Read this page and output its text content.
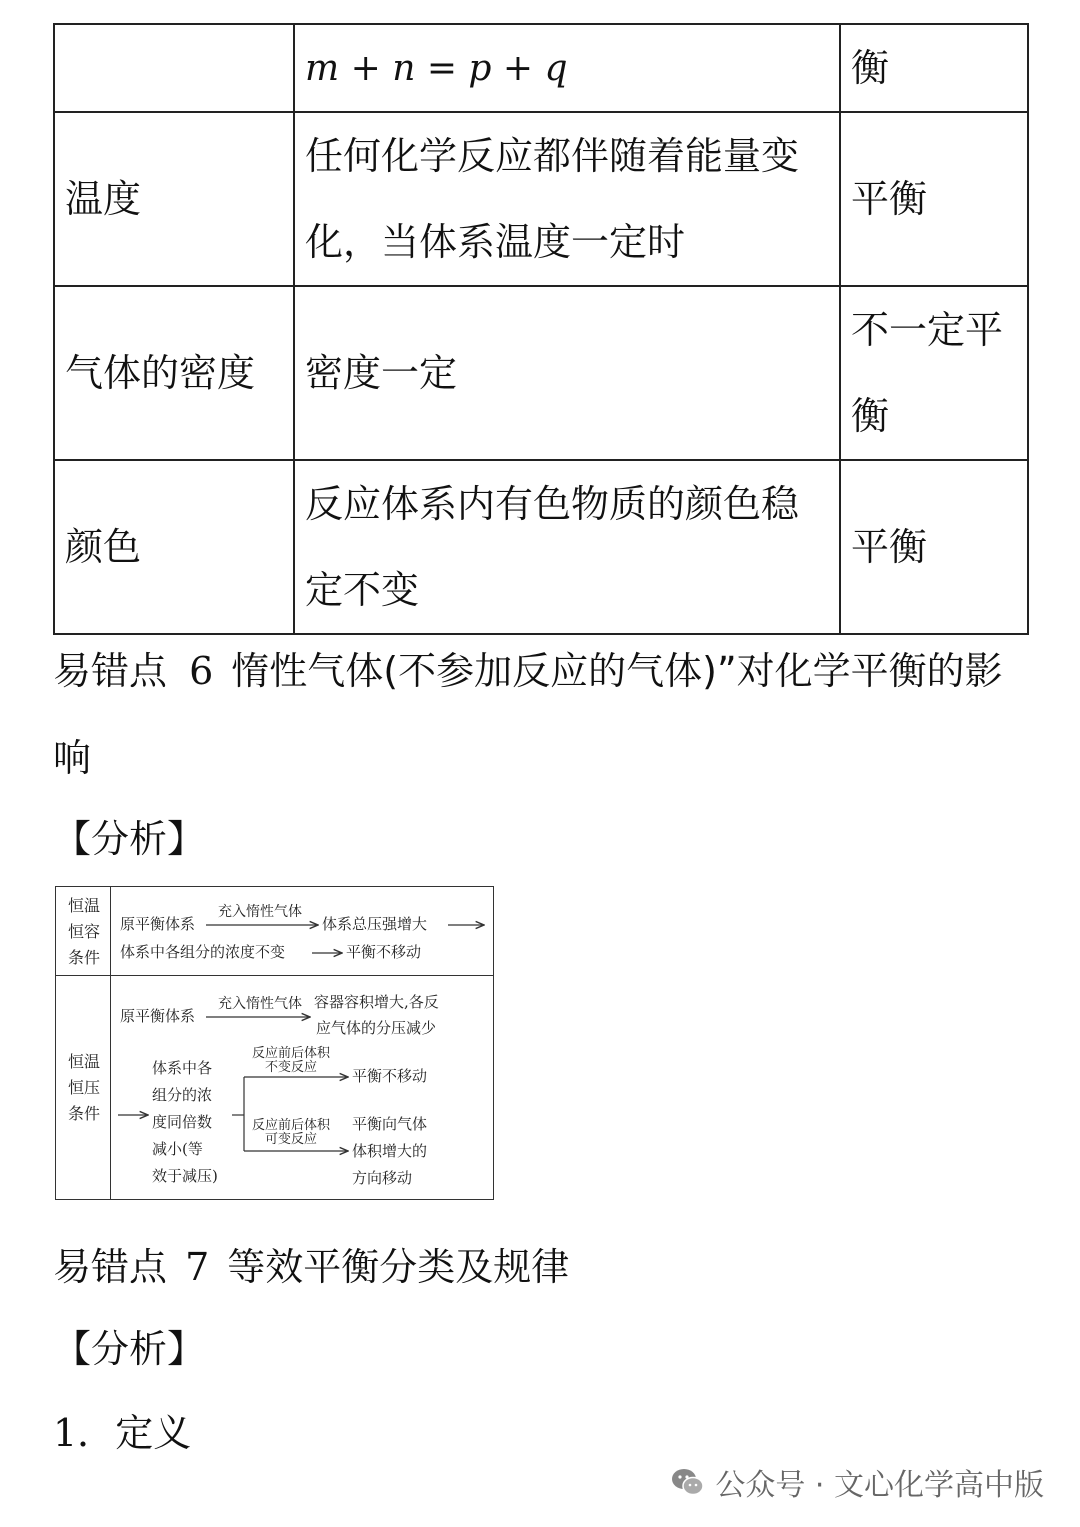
	m + n = p + q	衡
温度	任何化学反应都伴随着能量变
化，当体系温度一定时	平衡
气体的密度	密度一定	不一定平
衡

颜色	反应体系内有色物质的颜色稳
定不变	平衡
易错点 6 惰性气体(不参加反应的气体)”对化学平衡的影
响
【分析】
恒温
恒容
条件
原平衡体系
充入惰性气体
体系总压强增大
体系中各组分的浓度不变	平衡不移动
恒温
恒压
条件
原平衡体系
充入惰性气体 容器容积增大,各反
应气体的分压减少
体系中各
组分的浓
度同倍数
减小(等
效于减压)
反应前后体积
不变反应	平衡不移动
反应前后体积
可变反应
平衡向气体
体积增大的
方向移动
易错点 7 等效平衡分类及规律
【分析】
1．定义
公众号 · 文心化学高中版
